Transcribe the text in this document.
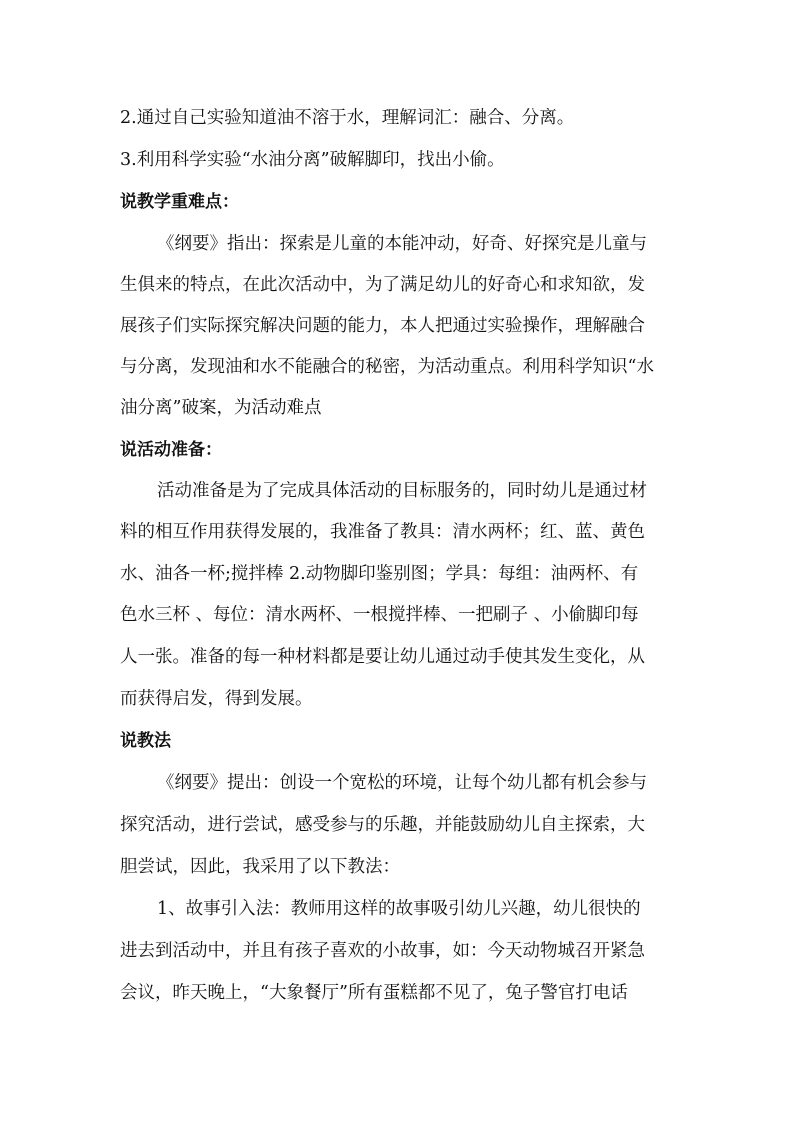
2.通过自己实验知道油不溶于水，理解词汇：融合、分离。
3.利用科学实验“水油分离”破解脚印，找出小偷。
说教学重难点：
《纲要》指出：探索是儿童的本能冲动，好奇、好探究是儿童与
生俱来的特点，在此次活动中，为了满足幼儿的好奇心和求知欲，发
展孩子们实际探究解决问题的能力，本人把通过实验操作，理解融合
与分离，发现油和水不能融合的秘密，为活动重点。利用科学知识“水
油分离”破案，为活动难点
说活动准备：
活动准备是为了完成具体活动的目标服务的，同时幼儿是通过材
料的相互作用获得发展的，我准备了教具：清水两杯；红、蓝、黄色
水、油各一杯;搅拌棒 2.动物脚印鉴别图；学具：每组：油两杯、有
色水三杯 、每位：清水两杯、一根搅拌棒、一把刷子 、小偷脚印每
人一张。准备的每一种材料都是要让幼儿通过动手使其发生变化，从
而获得启发，得到发展。
说教法
《纲要》提出：创设一个宽松的环境，让每个幼儿都有机会参与
探究活动，进行尝试，感受参与的乐趣，并能鼓励幼儿自主探索，大
胆尝试，因此，我采用了以下教法：
1、故事引入法：教师用这样的故事吸引幼儿兴趣，幼儿很快的
进去到活动中，并且有孩子喜欢的小故事，如：今天动物城召开紧急
会议，昨天晚上，“大象餐厅”所有蛋糕都不见了，兔子警官打电话
